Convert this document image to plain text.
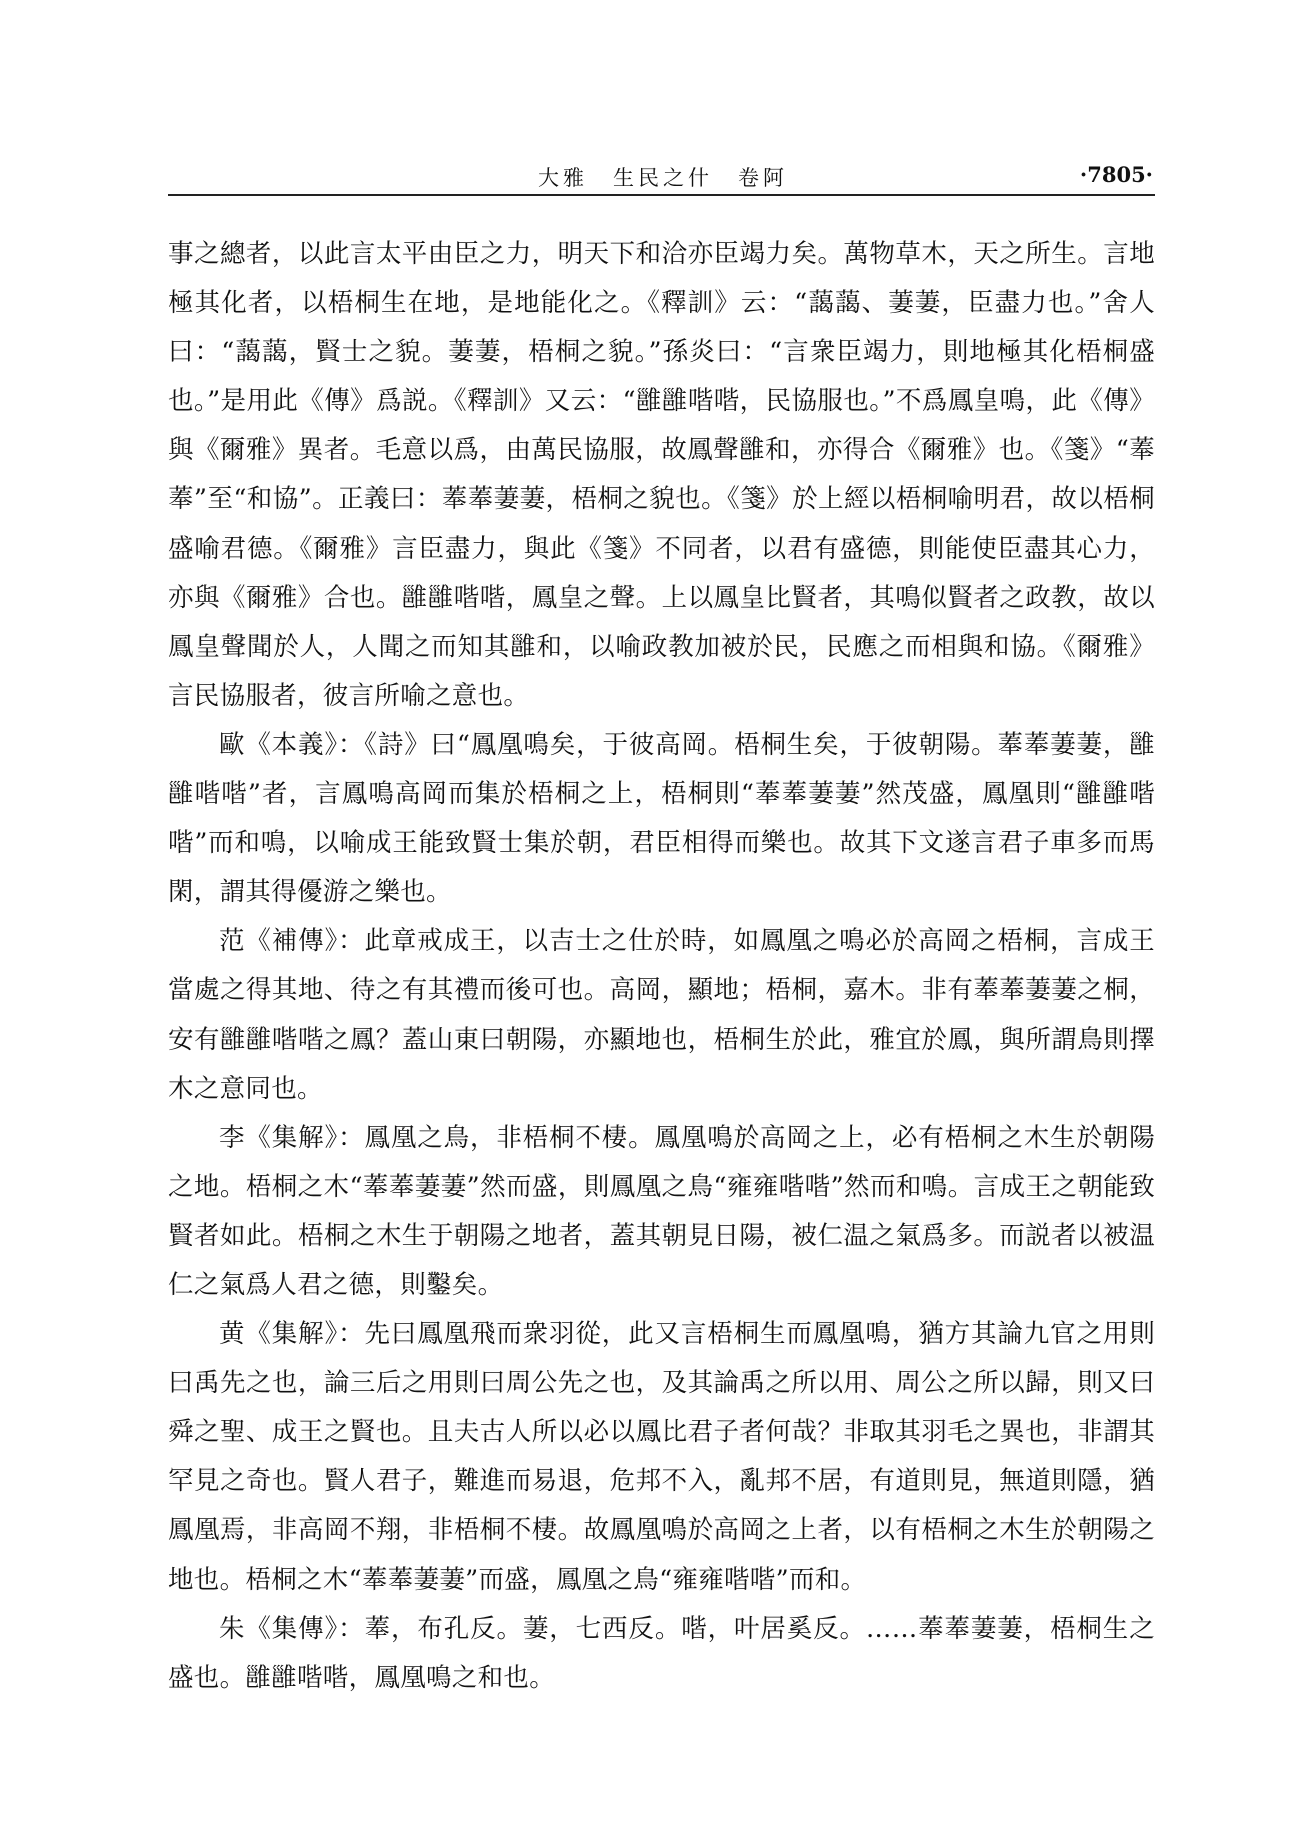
大雅　生民之什　卷阿	·7805·

事之總者，以此言太平由臣之力，明天下和洽亦臣竭力矣。萬物草木，天之所生。言地極其化者，以梧桐生在地，是地能化之。《釋訓》云：“藹藹、萋萋，臣盡力也。”舍人曰：“藹藹，賢士之貌。萋萋，梧桐之貌。”孫炎曰：“言衆臣竭力，則地極其化梧桐盛也。”是用此《傳》爲説。《釋訓》又云：“雝雝喈喈，民協服也。”不爲鳳皇鳴，此《傳》與《爾雅》異者。毛意以爲，由萬民協服，故鳳聲雝和，亦得合《爾雅》也。《箋》“菶菶”至“和協”。正義曰：菶菶萋萋，梧桐之貌也。《箋》於上經以梧桐喻明君，故以梧桐盛喻君德。《爾雅》言臣盡力，與此《箋》不同者，以君有盛德，則能使臣盡其心力，亦與《爾雅》合也。雝雝喈喈，鳳皇之聲。上以鳳皇比賢者，其鳴似賢者之政教，故以鳳皇聲聞於人，人聞之而知其雝和，以喻政教加被於民，民應之而相與和協。《爾雅》言民協服者，彼言所喻之意也。

歐《本義》：《詩》曰“鳳凰鳴矣，于彼高岡。梧桐生矣，于彼朝陽。菶菶萋萋，雝雝喈喈”者，言鳳鳴高岡而集於梧桐之上，梧桐則“菶菶萋萋”然茂盛，鳳凰則“雝雝喈喈”而和鳴，以喻成王能致賢士集於朝，君臣相得而樂也。故其下文遂言君子車多而馬閑，謂其得優游之樂也。

范《補傳》：此章戒成王，以吉士之仕於時，如鳳凰之鳴必於高岡之梧桐，言成王當處之得其地、待之有其禮而後可也。高岡，顯地；梧桐，嘉木。非有菶菶萋萋之桐，安有雝雝喈喈之鳳？蓋山東曰朝陽，亦顯地也，梧桐生於此，雅宜於鳳，與所謂鳥則擇木之意同也。

李《集解》：鳳凰之鳥，非梧桐不棲。鳳凰鳴於高岡之上，必有梧桐之木生於朝陽之地。梧桐之木“菶菶萋萋”然而盛，則鳳凰之鳥“雍雍喈喈”然而和鳴。言成王之朝能致賢者如此。梧桐之木生于朝陽之地者，蓋其朝見日陽，被仁温之氣爲多。而説者以被温仁之氣爲人君之德，則鑿矣。

黄《集解》：先曰鳳凰飛而衆羽從，此又言梧桐生而鳳凰鳴，猶方其論九官之用則曰禹先之也，論三后之用則曰周公先之也，及其論禹之所以用、周公之所以歸，則又曰舜之聖、成王之賢也。且夫古人所以必以鳳比君子者何哉？非取其羽毛之異也，非謂其罕見之奇也。賢人君子，難進而易退，危邦不入，亂邦不居，有道則見，無道則隱，猶鳳凰焉，非高岡不翔，非梧桐不棲。故鳳凰鳴於高岡之上者，以有梧桐之木生於朝陽之地也。梧桐之木“菶菶萋萋”而盛，鳳凰之鳥“雍雍喈喈”而和。

朱《集傳》：菶，布孔反。萋，七西反。喈，叶居奚反。……菶菶萋萋，梧桐生之盛也。雝雝喈喈，鳳凰鳴之和也。
